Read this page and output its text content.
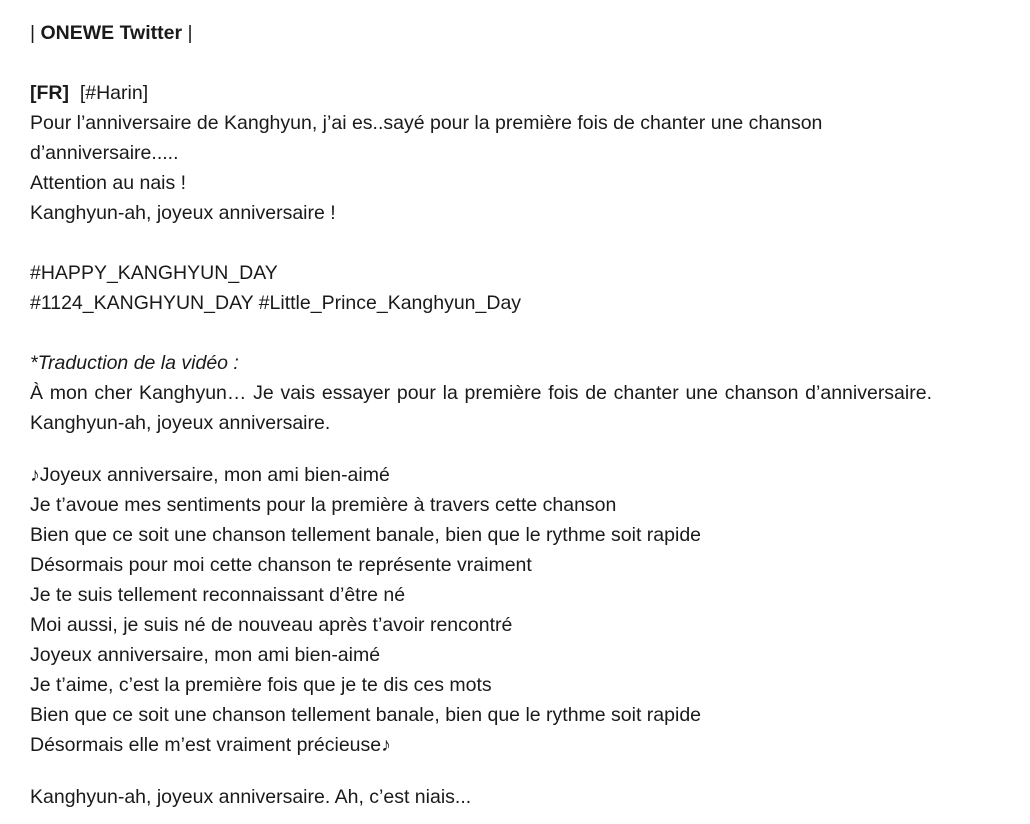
| ONEWE Twitter |
[FR] [#Harin]
Pour l’anniversaire de Kanghyun, j’ai es..sayé pour la première fois de chanter une chanson d’anniversaire.....
Attention au nais !
Kanghyun-ah, joyeux anniversaire !
#HAPPY_KANGHYUN_DAY
#1124_KANGHYUN_DAY #Little_Prince_Kanghyun_Day
*Traduction de la vidéo :
À mon cher Kanghyun… Je vais essayer pour la première fois de chanter une chanson d’anniversaire. Kanghyun-ah, joyeux anniversaire.
♪Joyeux anniversaire, mon ami bien-aimé
Je t’avoue mes sentiments pour la première à travers cette chanson
Bien que ce soit une chanson tellement banale, bien que le rythme soit rapide
Désormais pour moi cette chanson te représente vraiment
Je te suis tellement reconnaissant d’être né
Moi aussi, je suis né de nouveau après t’avoir rencontré
Joyeux anniversaire, mon ami bien-aimé
Je t’aime, c’est la première fois que je te dis ces mots
Bien que ce soit une chanson tellement banale, bien que le rythme soit rapide
Désormais elle m’est vraiment précieuse♪
Kanghyun-ah, joyeux anniversaire. Ah, c’est niais...
